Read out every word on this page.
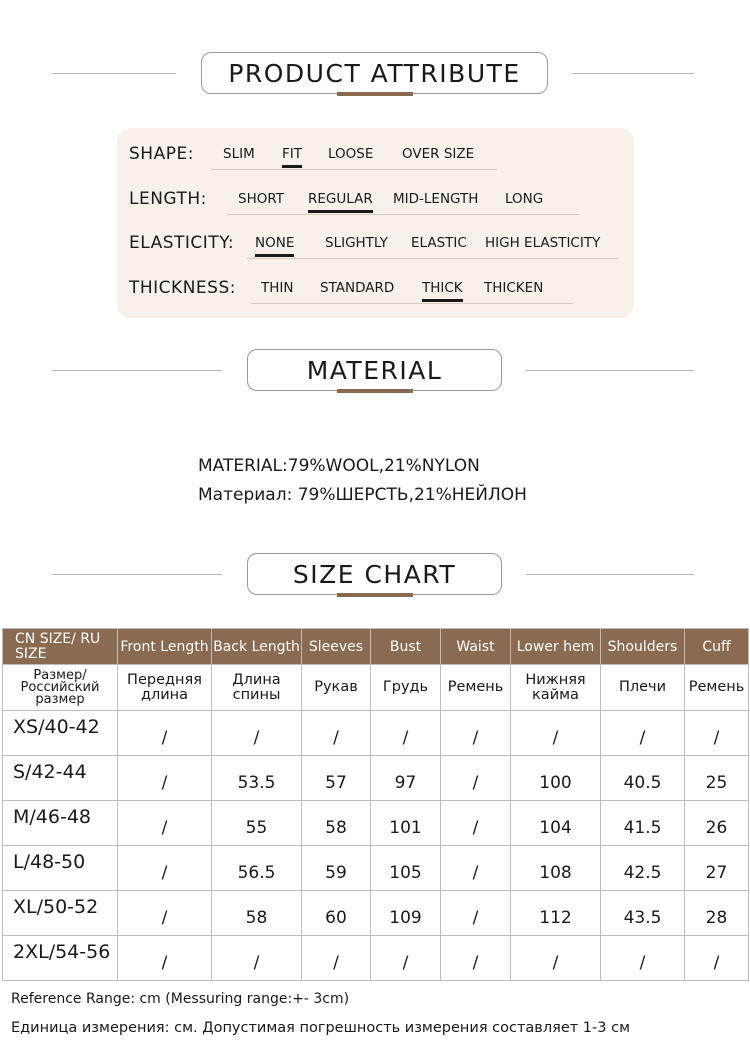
PRODUCT ATTRIBUTE
SHAPE: SLIM FIT LOOSE OVER SIZE
LENGTH: SHORT REGULAR MID-LENGTH LONG
ELASTICITY: NONE SLIGHTLY ELASTIC HIGH ELASTICITY
THICKNESS: THIN STANDARD THICK THICKEN
MATERIAL
MATERIAL:79%WOOL,21%NYLON
Материал: 79%ШЕРСТЬ,21%НЕЙЛОН
SIZE CHART
CN SIZE/ RU SIZE	Front Length	Back Length	Sleeves	Bust	Waist	Lower hem	Shoulders	Cuff
Размер/ Российский размер	Передняя длина	Длина спины	Рукав	Грудь	Ремень	Нижняя кайма	Плечи	Ремень
XS/40-42	/	/	/	/	/	/	/	/
S/42-44	/	53.5	57	97	/	100	40.5	25
M/46-48	/	55	58	101	/	104	41.5	26
L/48-50	/	56.5	59	105	/	108	42.5	27
XL/50-52	/	58	60	109	/	112	43.5	28
2XL/54-56	/	/	/	/	/	/	/	/
Reference Range: cm (Messuring range:+- 3cm)
Единица измерения: см. Допустимая погрешность измерения составляет 1-3 см
